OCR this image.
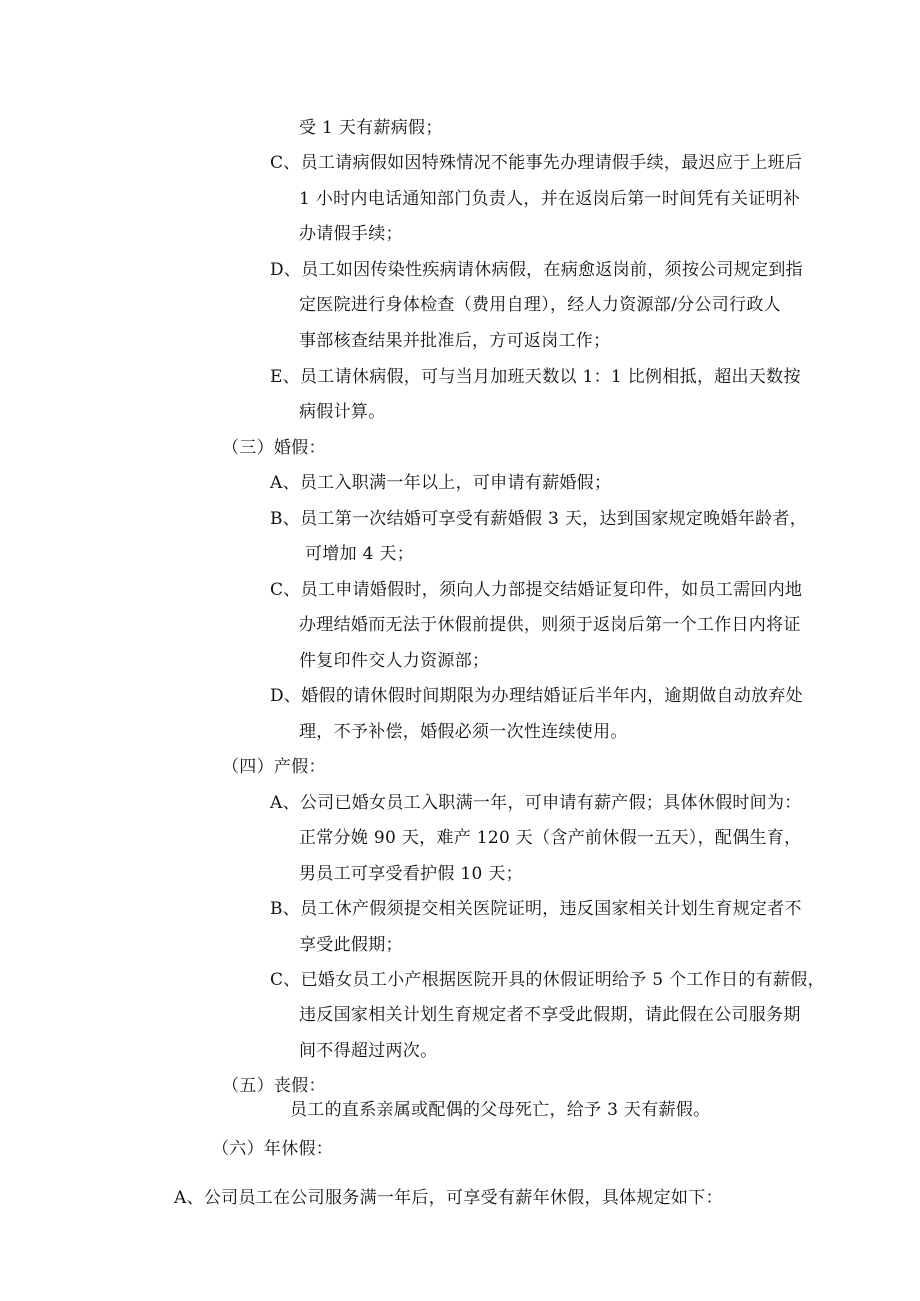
受 1 天有薪病假；
C、员工请病假如因特殊情况不能事先办理请假手续，最迟应于上班后
1 小时内电话通知部门负责人，并在返岗后第一时间凭有关证明补
办请假手续；
D、员工如因传染性疾病请休病假，在病愈返岗前，须按公司规定到指
定医院进行身体检查（费用自理），经人力资源部/分公司行政人
事部核查结果并批准后，方可返岗工作；
E、员工请休病假，可与当月加班天数以 1：1 比例相抵，超出天数按
病假计算。
（三）婚假：
A、员工入职满一年以上，可申请有薪婚假；
B、员工第一次结婚可享受有薪婚假 3 天，达到国家规定晚婚年龄者，
可增加 4 天；
C、员工申请婚假时，须向人力部提交结婚证复印件，如员工需回内地
办理结婚而无法于休假前提供，则须于返岗后第一个工作日内将证
件复印件交人力资源部；
D、婚假的请休假时间期限为办理结婚证后半年内，逾期做自动放弃处
理，不予补偿，婚假必须一次性连续使用。
（四）产假：
A、公司已婚女员工入职满一年，可申请有薪产假；具体休假时间为：
正常分娩 90 天，难产 120 天（含产前休假一五天），配偶生育，
男员工可享受看护假 10 天；
B、员工休产假须提交相关医院证明，违反国家相关计划生育规定者不
享受此假期；
C、已婚女员工小产根据医院开具的休假证明给予 5 个工作日的有薪假，
违反国家相关计划生育规定者不享受此假期，请此假在公司服务期
间不得超过两次。
（五）丧假：
员工的直系亲属或配偶的父母死亡，给予 3 天有薪假。
（六）年休假：
A、公司员工在公司服务满一年后，可享受有薪年休假，具体规定如下：
